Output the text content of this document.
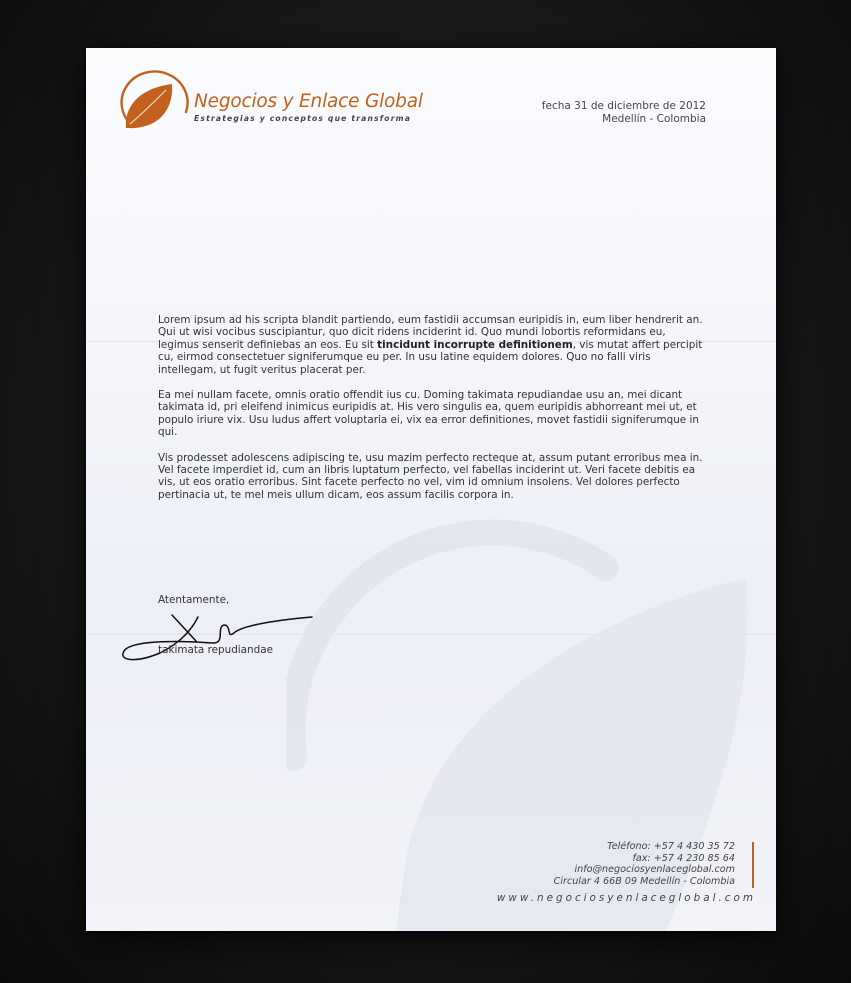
Negocios y Enlace Global
Estrategias y conceptos que transforma
fecha 31 de diciembre de 2012
Medellín - Colombia

Lorem ipsum ad his scripta blandit partiendo, eum fastidii accumsan euripidis in, eum liber hendrerit an. Qui ut wisi vocibus suscipiantur, quo dicit ridens inciderint id. Quo mundi lobortis reformidans eu, legimus senserit definiebas an eos. Eu sit tincidunt incorrupte definitionem, vis mutat affert percipit cu, eirmod consectetuer signiferumque eu per. In usu latine equidem dolores. Quo no falli viris intellegam, ut fugit veritus placerat per.

Ea mei nullam facete, omnis oratio offendit ius cu. Doming takimata repudiandae usu an, mei dicant takimata id, pri eleifend inimicus euripidis at. His vero singulis ea, quem euripidis abhorreant mei ut, et populo iriure vix. Usu ludus affert voluptaria ei, vix ea error definitiones, movet fastidii signiferumque in qui.

Vis prodesset adolescens adipiscing te, usu mazim perfecto recteque at, assum putant erroribus mea in. Vel facete imperdiet id, cum an libris luptatum perfecto, vel fabellas inciderint ut. Veri facete debitis ea vis, ut eos oratio erroribus. Sint facete perfecto no vel, vim id omnium insolens. Vel dolores perfecto pertinacia ut, te mel meis ullum dicam, eos assum facilis corpora in.

Atentamente,
takimata repudiandae
Teléfono: +57 4 430 35 72
fax: +57 4 230 85 64
info@negociosyenlaceglobal.com
Circular 4 66B 09 Medellín - Colombia
www.negociosyenlaceglobal.com
